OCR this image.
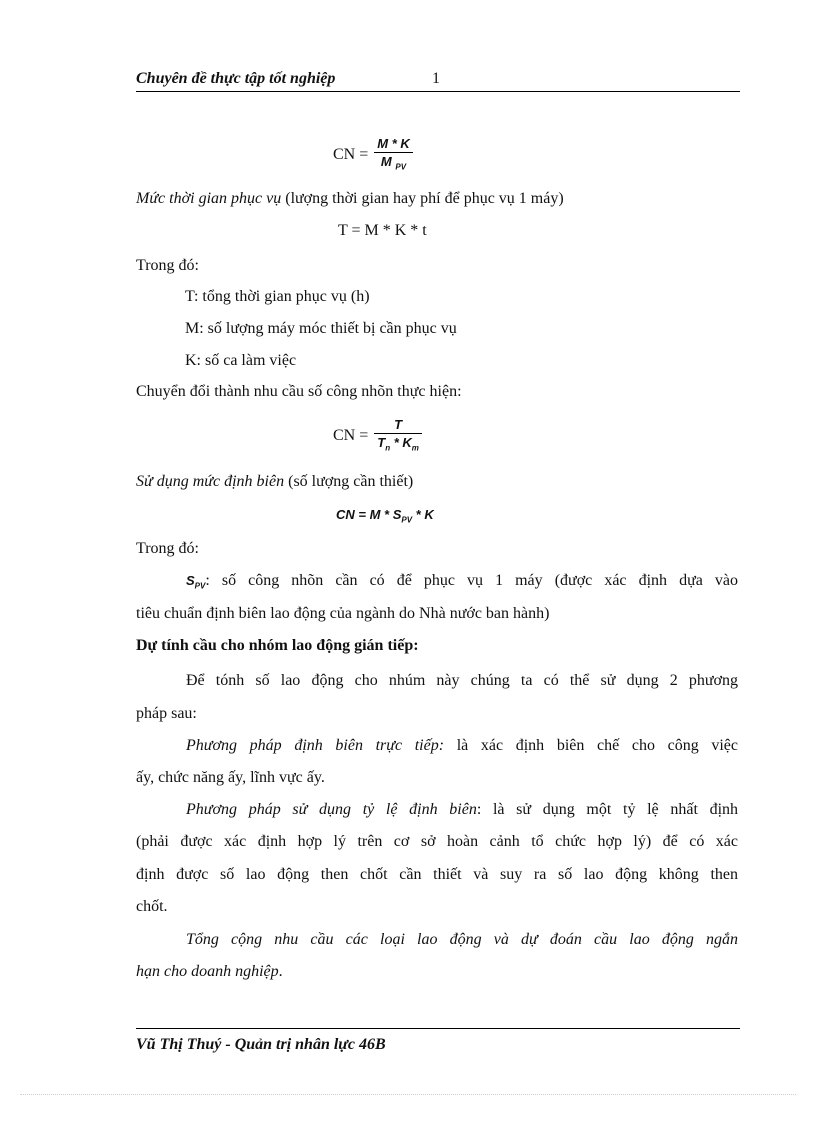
Chuyên đề thực tập tốt nghiệp	1
CN = $\frac{M * K}{M _{PV}}$
Mức thời gian phục vụ (lượng thời gian hay phí để phục vụ 1 máy)
T = M * K * t
Trong đó:
T: tổng thời gian phục vụ (h)
M: số lượng máy móc thiết bị cần phục vụ
K: số ca làm việc
Chuyển đổi thành nhu cầu số công nhõn thực hiện:
CN = $\frac{T}{T_n * K_m}$
Sử dụng mức định biên (số lượng cần thiết)
CN = M * $S_{PV}$ * K
Trong đó:
$S_{PV}$: số công nhõn cần có để phục vụ 1 máy (được xác định dựa vào
tiêu chuẩn định biên lao động của ngành do Nhà nước ban hành)
Dự tính cầu cho nhóm lao động gián tiếp:
Để tónh số lao động cho nhúm này chúng ta có thể sử dụng 2 phương
pháp sau:
Phương pháp định biên trực tiếp: là xác định biên chế cho công việc
ấy, chức năng ấy, lĩnh vực ấy.
Phương pháp sử dụng tỷ lệ định biên: là sử dụng một tỷ lệ nhất định
(phải được xác định hợp lý trên cơ sở hoàn cảnh tổ chức hợp lý) để có xác
định được số lao động then chốt cần thiết và suy ra số lao động không then
chốt.
Tổng cộng nhu cầu các loại lao động và dự đoán cầu lao động ngắn
hạn cho doanh nghiệp.
Vũ Thị Thuý - Quản trị nhân lực 46B
